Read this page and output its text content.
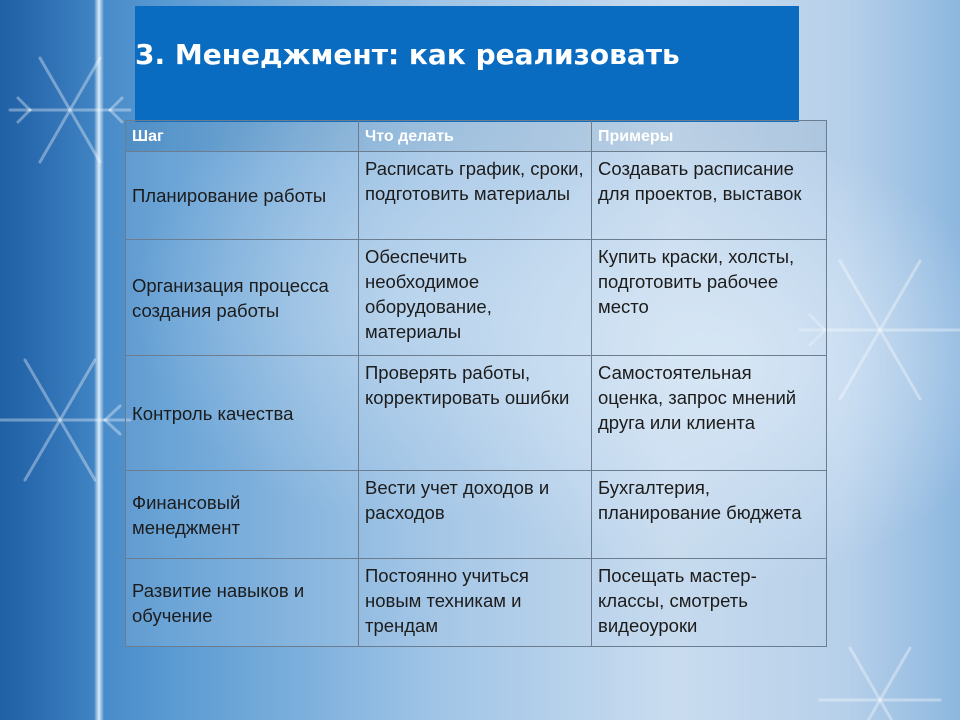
3. Менеджмент: как реализовать
Шаг	Что делать	Примеры
Планирование работы	Расписать график, сроки, подготовить материалы	Создавать расписание для проектов, выставок
Организация процесса создания работы	Обеспечить необходимое оборудование, материалы	Купить краски, холсты, подготовить рабочее место
Контроль качества	Проверять работы, корректировать ошибки	Самостоятельная оценка, запрос мнений друга или клиента
Финансовый менеджмент	Вести учет доходов и расходов	Бухгалтерия, планирование бюджета
Развитие навыков и обучение	Постоянно учиться новым техникам и трендам	Посещать мастер-классы, смотреть видеоуроки
